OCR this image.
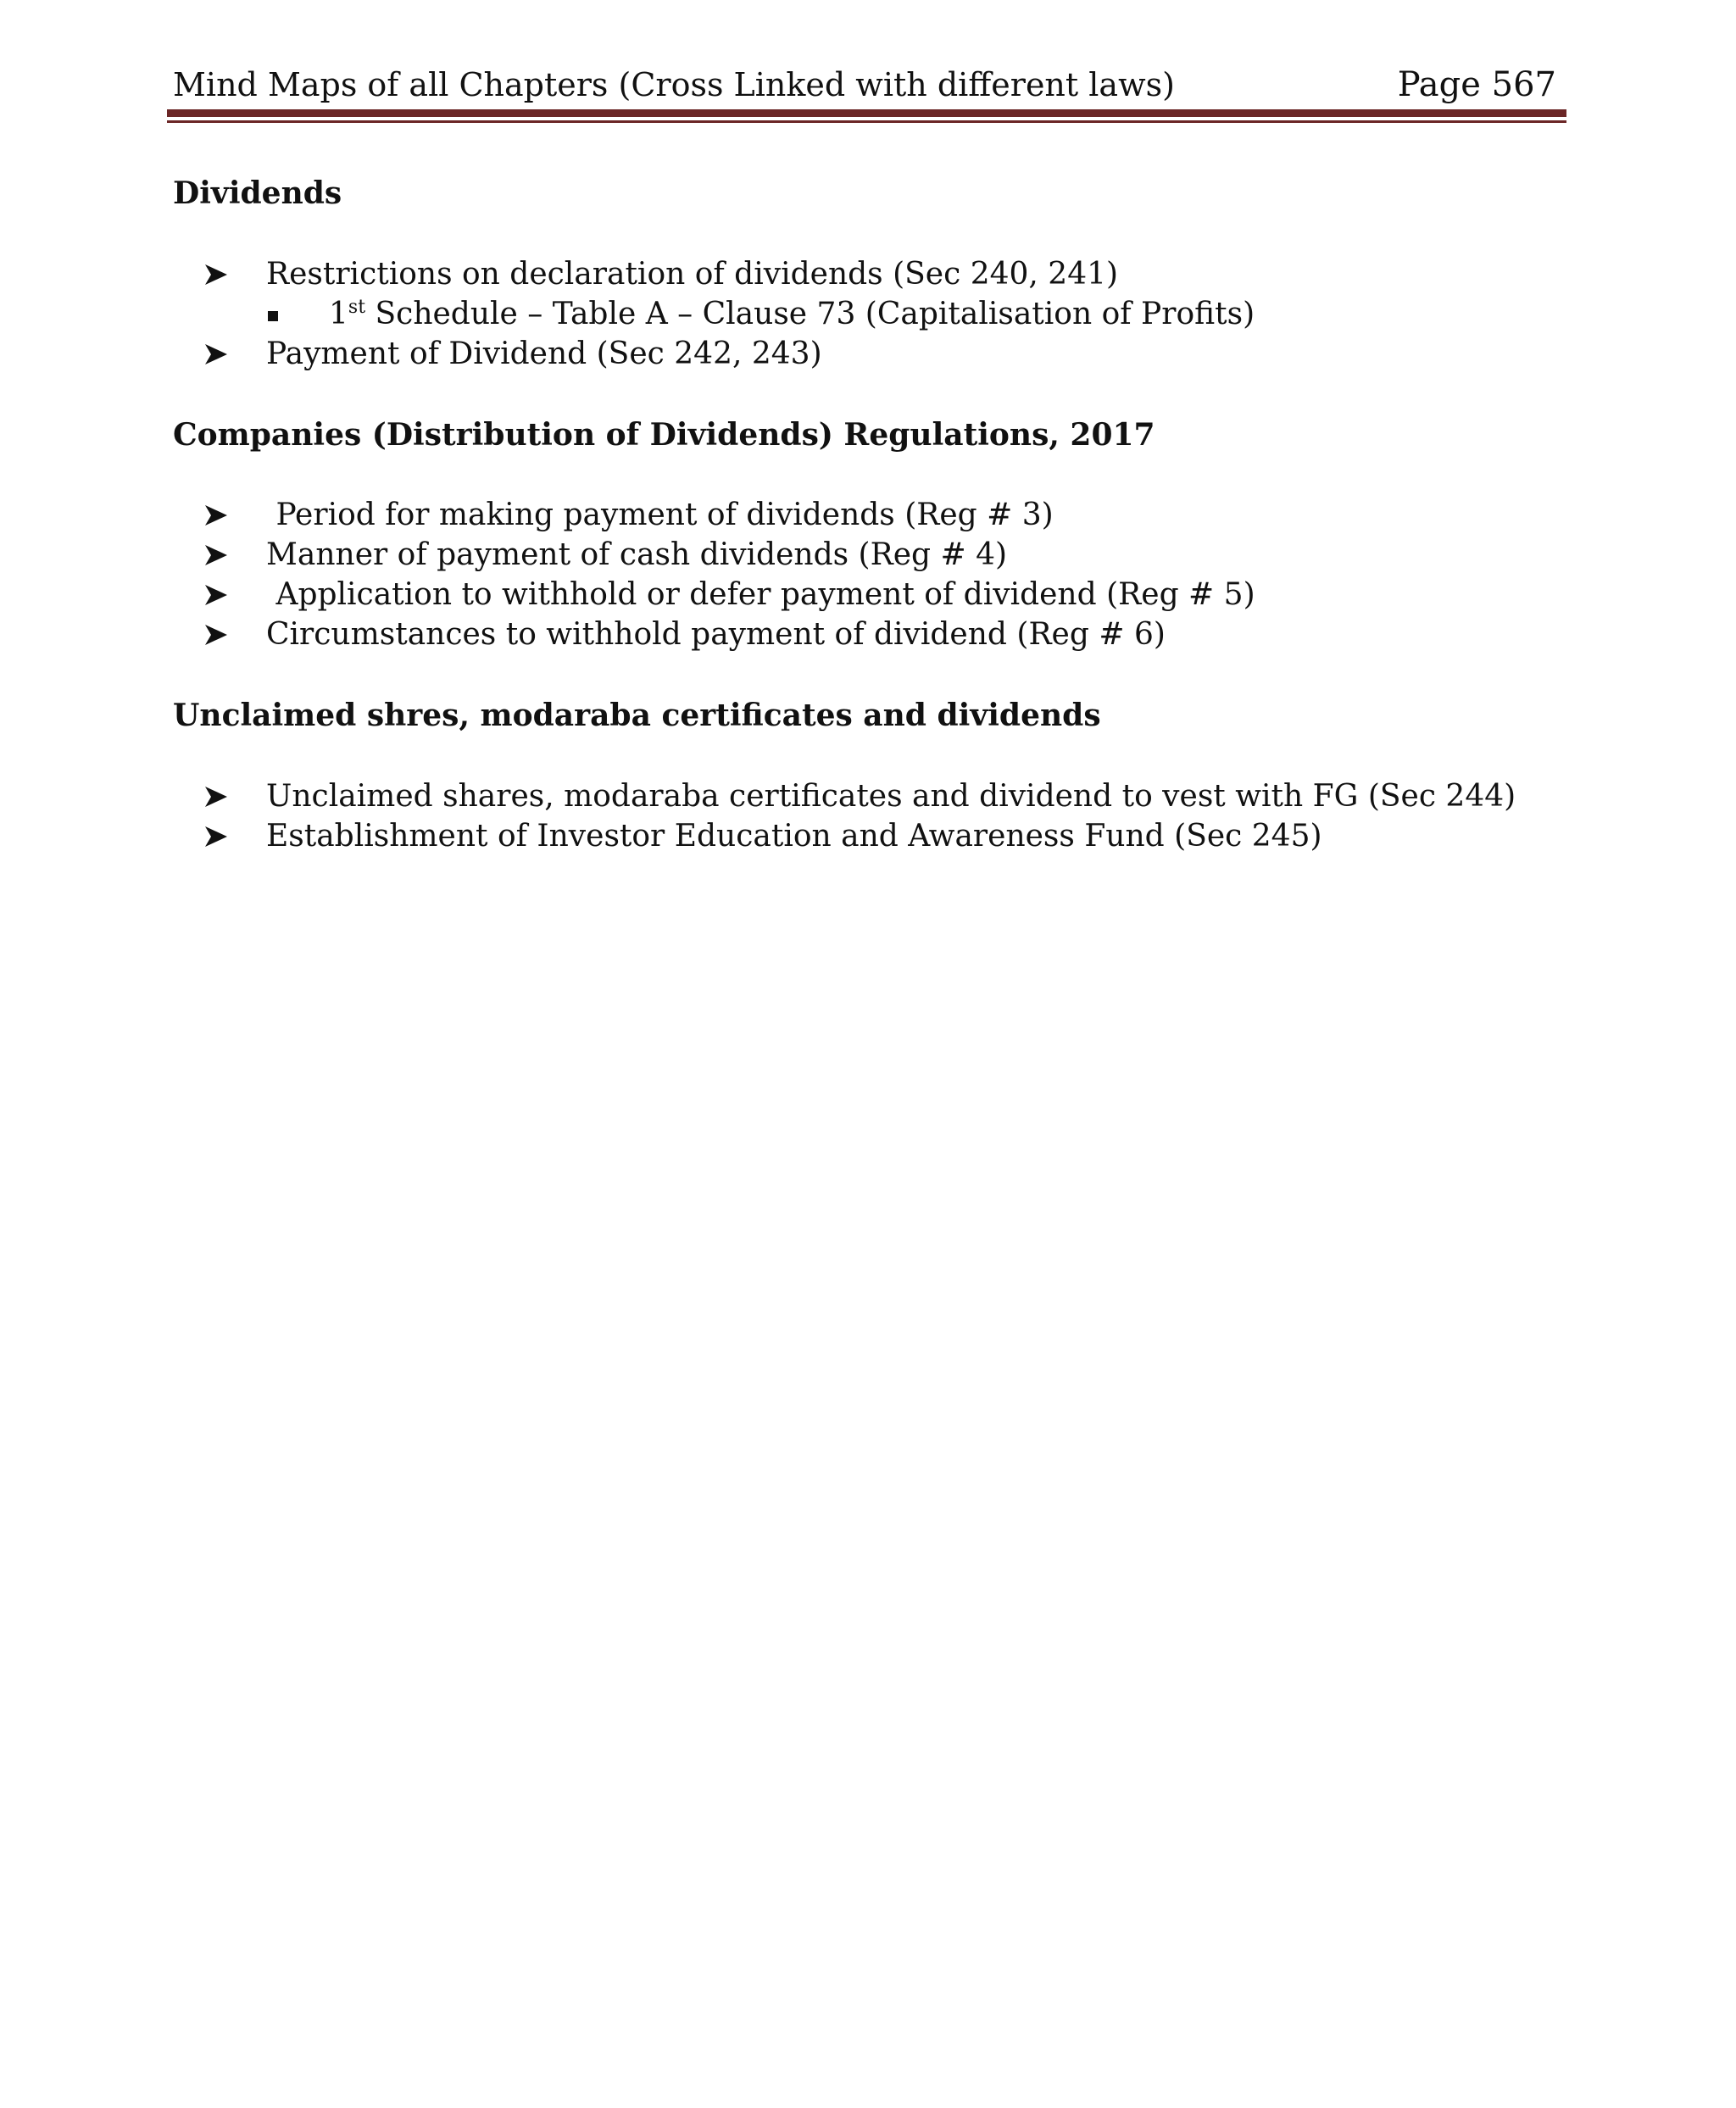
Mind Maps of all Chapters (Cross Linked with different laws)	Page 567
Dividends
Restrictions on declaration of dividends (Sec 240, 241)
1st Schedule – Table A – Clause 73 (Capitalisation of Profits)
Payment of Dividend (Sec 242, 243)
Companies (Distribution of Dividends) Regulations, 2017
Period for making payment of dividends (Reg # 3)
Manner of payment of cash dividends (Reg # 4)
Application to withhold or defer payment of dividend (Reg # 5)
Circumstances to withhold payment of dividend (Reg # 6)
Unclaimed shres, modaraba certificates and dividends
Unclaimed shares, modaraba certificates and dividend to vest with FG (Sec 244)
Establishment of Investor Education and Awareness Fund (Sec 245)
